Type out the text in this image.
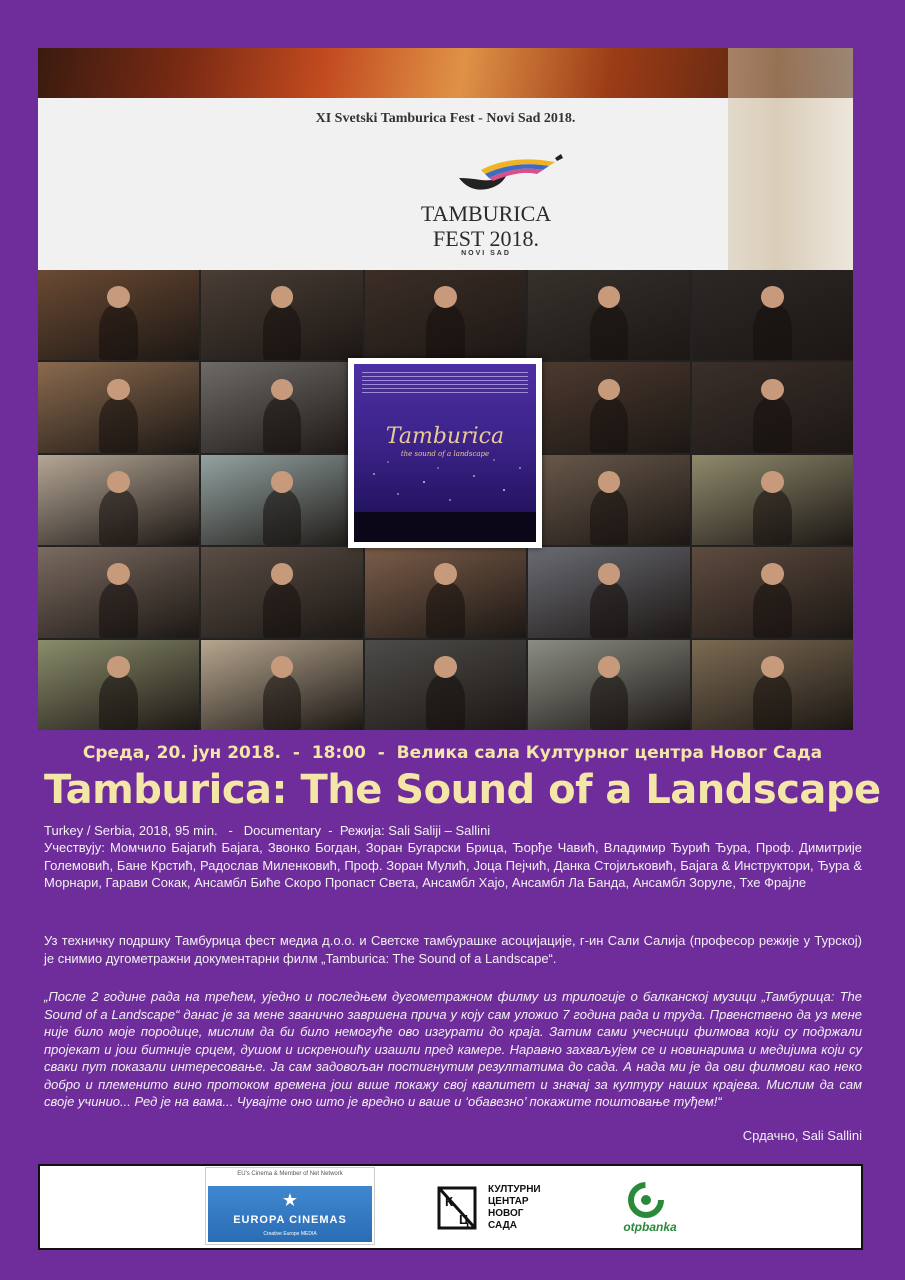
XI Svetski Tamburica Fest - Novi Sad 2018.
TAMBURICA
FEST 2018.
NOVI SAD
Tamburica
the sound of a landscape
Среда, 20. јун 2018. - 18:00 - Велика сала Културног центра Новог Сада
Tamburica: The Sound of a Landscape
Turkey / Serbia, 2018, 95 min. - Documentary - Режија: Sali Saliji – Sallini
Учествују: Момчило Бајагић Бајага, Звонко Богдан, Зоран Бугарски Брица, Ђорђе Чавић, Владимир Ђурић Ђура, Проф. Димитрије Големовић, Бане Крстић, Радослав Миленковић, Проф. Зоран Мулић, Јоца Пејчић, Данка Стојиљковић, Бајага & Инструктори, Ђура & Морнари, Гарави Сокак, Ансамбл Биће Скоро Пропаст Света, Ансамбл Хајо, Ансамбл Ла Банда, Ансамбл Зоруле, Тхе Фрајле
Уз техничку подршку Тамбурица фест медиа д.о.о. и Светске тамбурашке асоцијације, г-ин Сали Салија (професор режије у Турској) је снимио дугометражни документарни филм „Tamburica: The Sound of a Landscape“.
„После 2 године рада на трећем, уједно и последњем дугометражном филму из трилогије о балканској музици „Тамбурица: The Sound of a Landscape“ данас је за мене званично завршена прича у коју сам уложио 7 година рада и труда. Првенствено да уз мене није било моје породице, мислим да би било немогуће ово изгурати до краја. Затим сами учесници филмова који су подржали пројекат и још битније срцем, душом и искреношћу изашли пред камере. Наравно захваљујем се и новинарима и медијима који су сваки пут показали интересовање. Ја сам задовољан постигнутим резултатима до сада. А нада ми је да ови филмови као неко добро и племенито вино протоком времена још више покажу свој квалитет и значај за културу наших крајева. Мислим да сам своје учинио... Ред је на вама... Чувајте оно што је вредно и ваше и ‘обавезно’ покажите поштовање туђем!“
Срдачно, Sali Sallini
EU's Cinema & Member of Net Network
★
EUROPA CINEMAS
Creative Europe MEDIA
К
Ц
КУЛТУРНИ
ЦЕНТАР
НОВОГ
САДА	otpbanka
